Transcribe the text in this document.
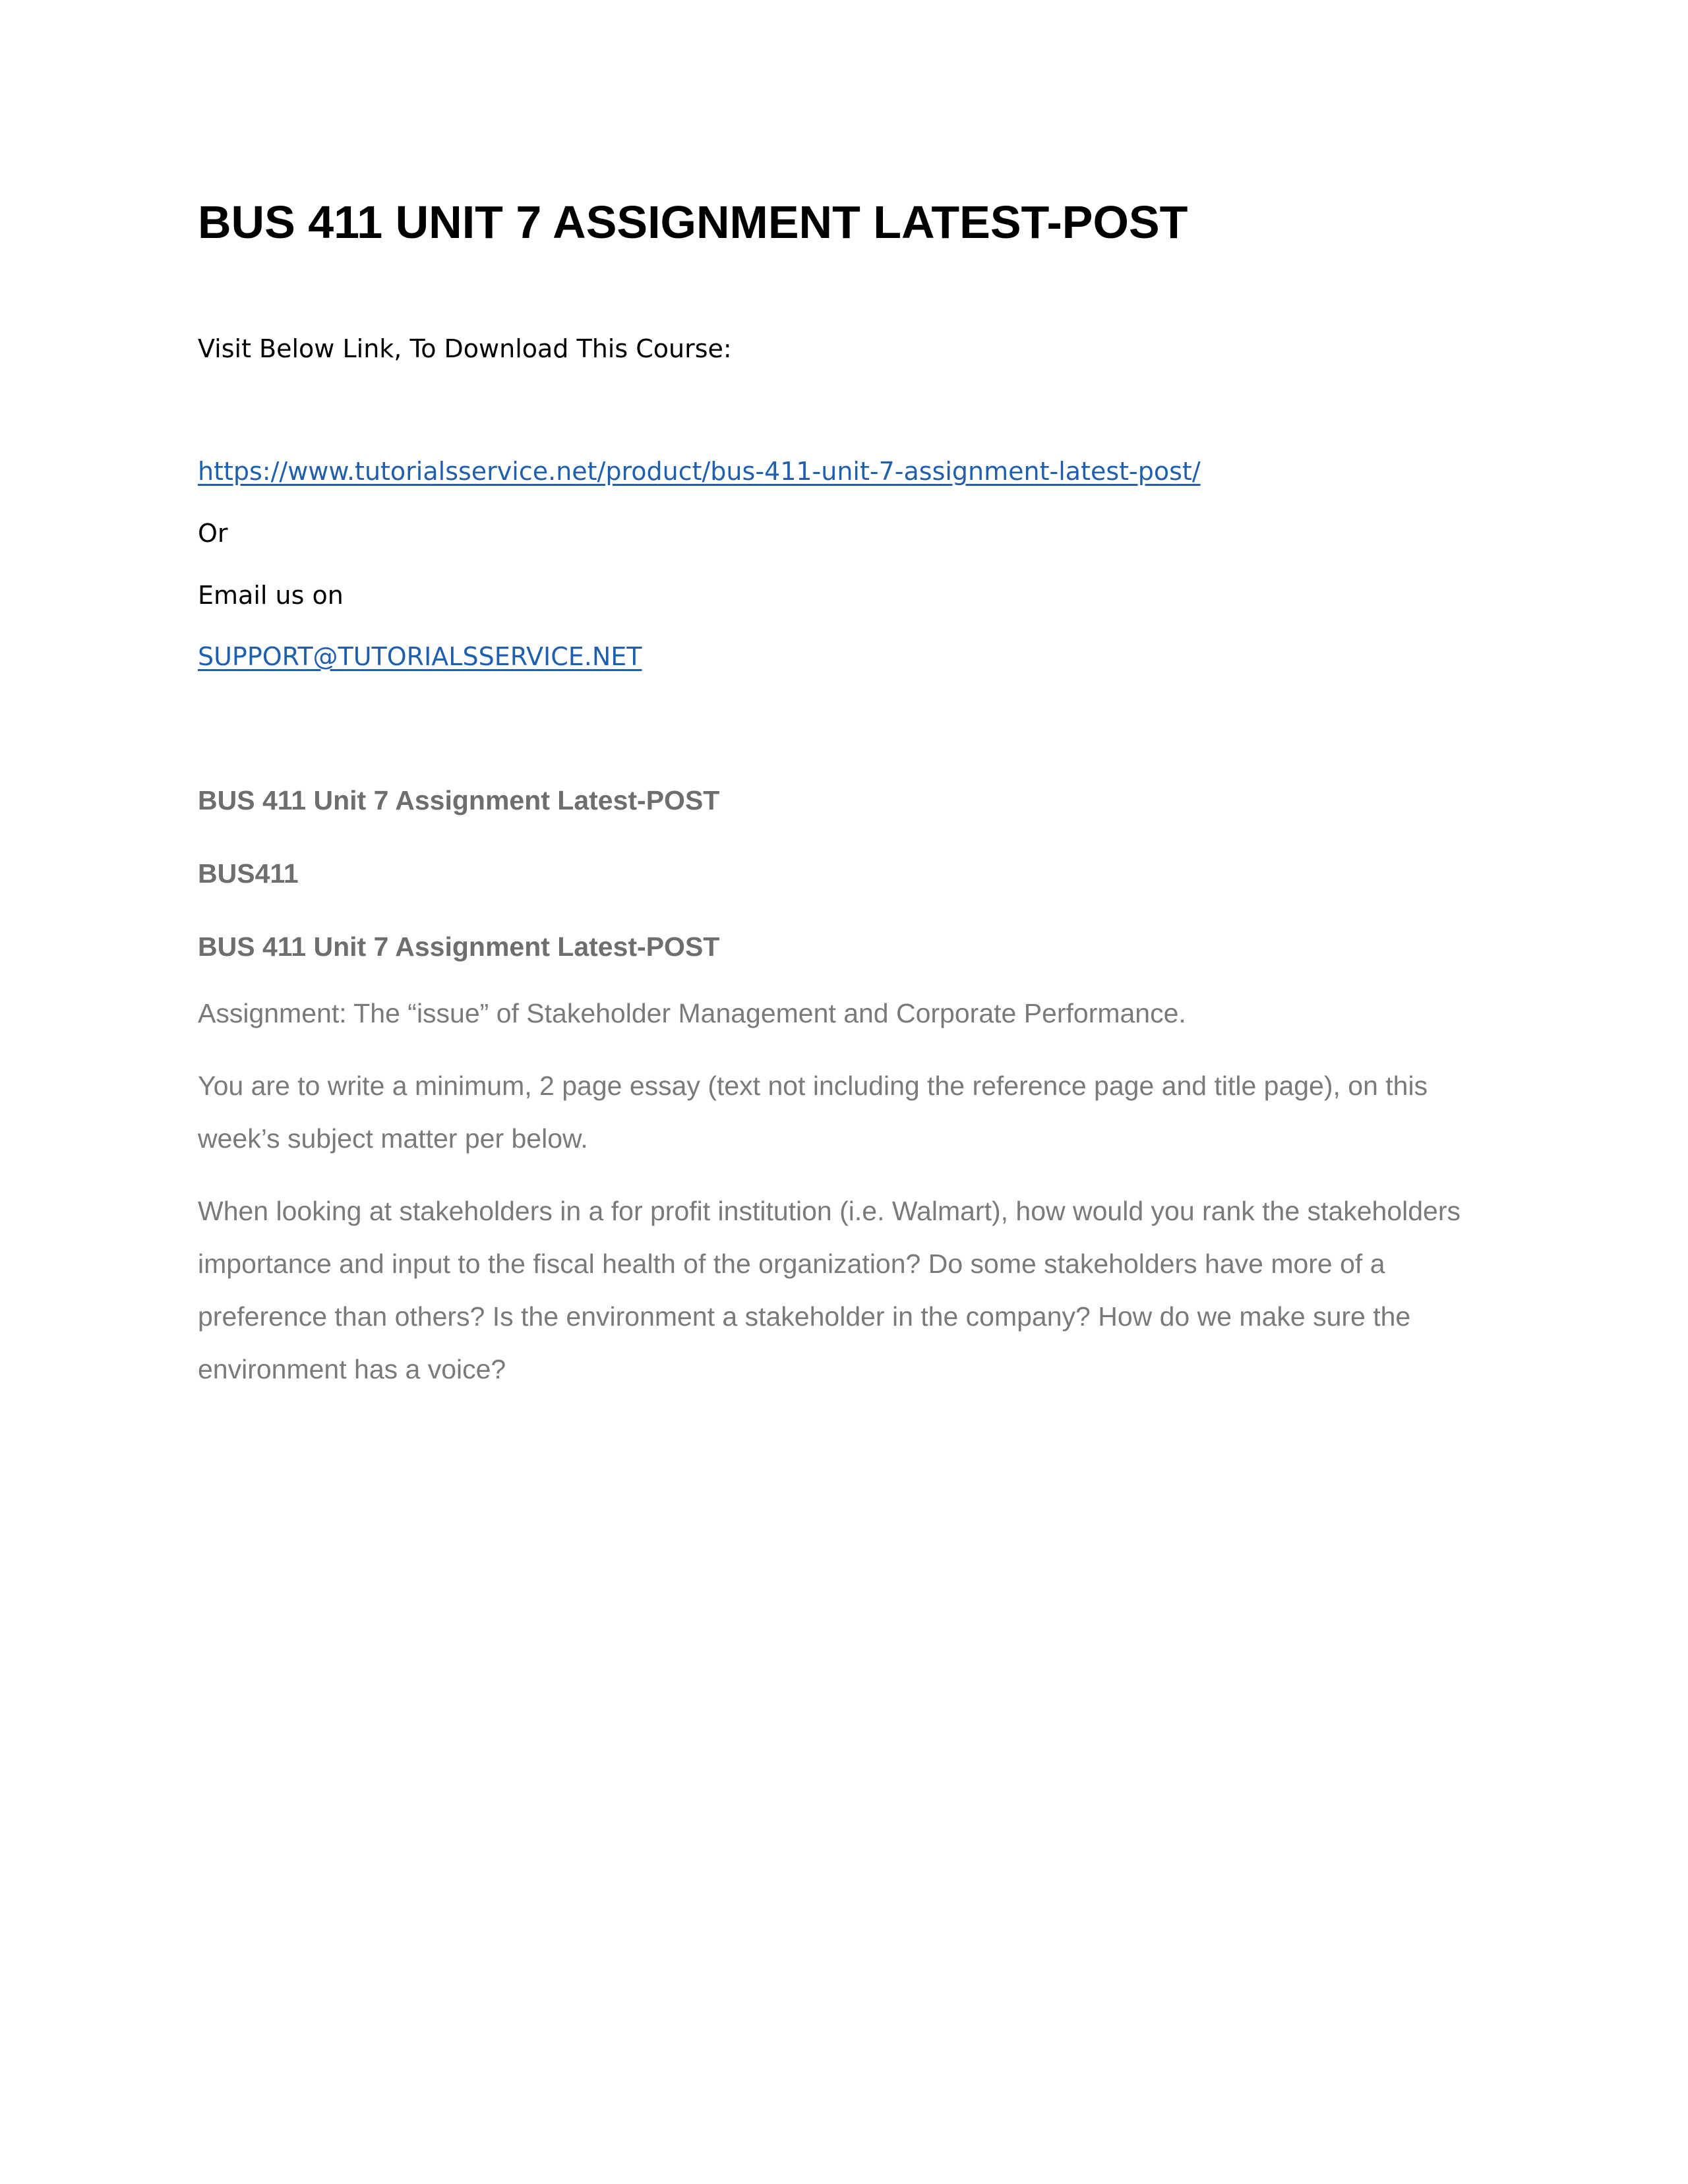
BUS 411 UNIT 7 ASSIGNMENT LATEST-POST
Visit Below Link, To Download This Course:
https://www.tutorialsservice.net/product/bus-411-unit-7-assignment-latest-post/
Or
Email us on
SUPPORT@TUTORIALSSERVICE.NET

BUS 411 Unit 7 Assignment Latest-POST

BUS411

BUS 411 Unit 7 Assignment Latest-POST

Assignment: The “issue” of Stakeholder Management and Corporate Performance.

You are to write a minimum, 2 page essay (text not including the reference page and title page), on this week’s subject matter per below.

When looking at stakeholders in a for profit institution (i.e. Walmart), how would you rank the stakeholders importance and input to the fiscal health of the organization? Do some stakeholders have more of a preference than others? Is the environment a stakeholder in the company? How do we make sure the environment has a voice?
